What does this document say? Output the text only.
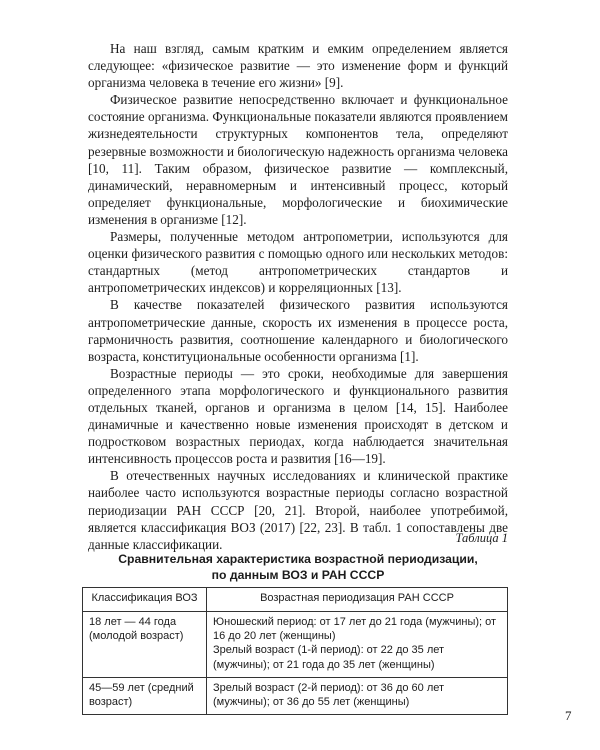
На наш взгляд, самым кратким и емким определением является следующее: «физическое развитие — это изменение форм и функций организма человека в течение его жизни» [9].

Физическое развитие непосредственно включает и функциональное состояние организма. Функциональные показатели являются проявлением жизнедеятельности структурных компонентов тела, определяют резервные возможности и биологическую надежность организма человека [10, 11]. Таким образом, физическое развитие — комплексный, динамический, неравномерным и интенсивный процесс, который определяет функциональные, морфологические и биохимические изменения в организме [12].

Размеры, полученные методом антропометрии, используются для оценки физического развития с помощью одного или нескольких методов: стандартных (метод антропометрических стандартов и антропометрических индексов) и корреляционных [13].

В качестве показателей физического развития используются антропометрические данные, скорость их изменения в процессе роста, гармоничность развития, соотношение календарного и биологического возраста, конституциональные особенности организма [1].

Возрастные периоды — это сроки, необходимые для завершения определенного этапа морфологического и функционального развития отдельных тканей, органов и организма в целом [14, 15]. Наиболее динамичные и качественно новые изменения происходят в детском и подростковом возрастных периодах, когда наблюдается значительная интенсивность процессов роста и развития [16—19].

В отечественных научных исследованиях и клинической практике наиболее часто используются возрастные периоды согласно возрастной периодизации РАН СССР [20, 21]. Второй, наиболее употребимой, является классификация ВОЗ (2017) [22, 23]. В табл. 1 сопоставлены две данные классификации.	Таблица 1
Сравнительная характеристика возрастной периодизации,
по данным ВОЗ и РАН СССР
Классификация ВОЗ	Возрастная периодизация РАН СССР
18 лет — 44 года (молодой возраст)	Юношеский период: от 17 лет до 21 года (мужчины); от 16 до 20 лет (женщины)
Зрелый возраст (1-й период): от 22 до 35 лет (мужчины); от 21 года до 35 лет (женщины)

45—59 лет (средний возраст)	Зрелый возраст (2-й период): от 36 до 60 лет (мужчины); от 36 до 55 лет (женщины)
7
